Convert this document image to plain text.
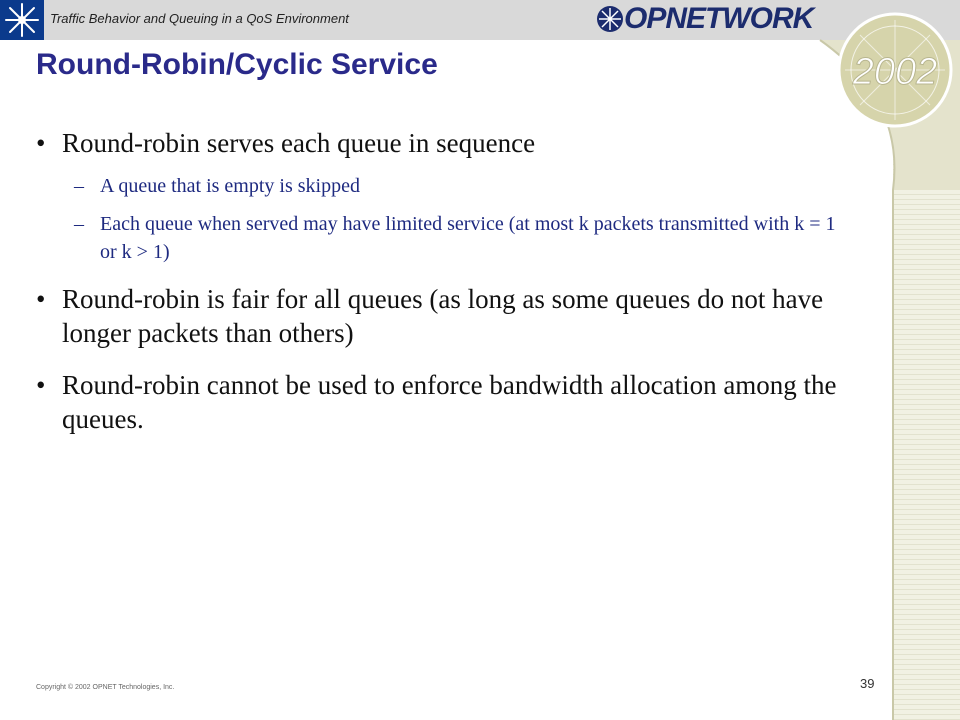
Traffic Behavior and Queuing in a QoS Environment	OPNETWORK
2002
Round-Robin/Cyclic Service
• Round-robin serves each queue in sequence
– A queue that is empty is skipped
– Each queue when served may have limited service (at most k packets transmitted with k = 1 or k > 1)
• Round-robin is fair for all queues (as long as some queues do not have longer packets than others)
• Round-robin cannot be used to enforce bandwidth allocation among the queues.
Copyright © 2002 OPNET Technologies, Inc.	39
